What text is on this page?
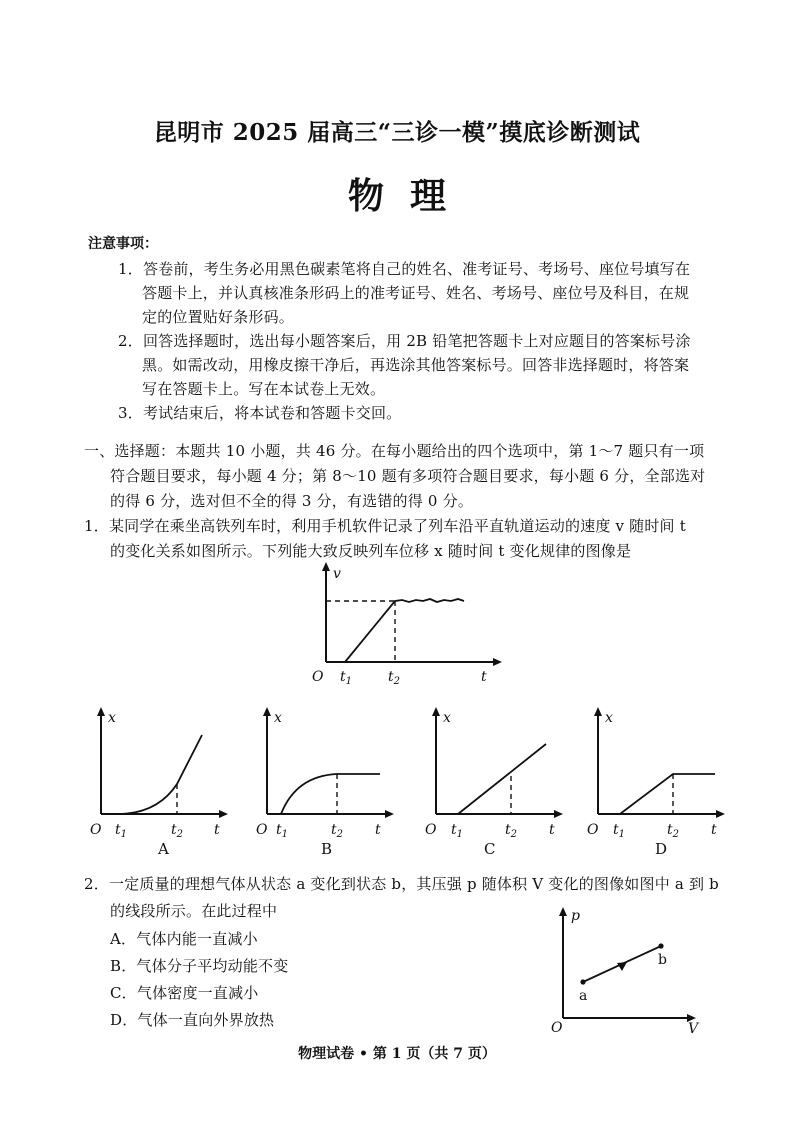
昆明市 2025 届高三“三诊一模”摸底诊断测试
物理
注意事项：
1．答卷前，考生务必用黑色碳素笔将自己的姓名、准考证号、考场号、座位号填写在
答题卡上，并认真核准条形码上的准考证号、姓名、考场号、座位号及科目，在规
定的位置贴好条形码。
2．回答选择题时，选出每小题答案后，用 2B 铅笔把答题卡上对应题目的答案标号涂
黑。如需改动，用橡皮擦干净后，再选涂其他答案标号。回答非选择题时，将答案
写在答题卡上。写在本试卷上无效。
3．考试结束后，将本试卷和答题卡交回。
一、选择题：本题共 10 小题，共 46 分。在每小题给出的四个选项中，第 1～7 题只有一项
符合题目要求，每小题 4 分；第 8～10 题有多项符合题目要求，每小题 6 分，全部选对
的得 6 分，选对但不全的得 3 分，有选错的得 0 分。
1．某同学在乘坐高铁列车时，利用手机软件记录了列车沿平直轨道运动的速度 v 随时间 t
的变化关系如图所示。下列能大致反映列车位移 x 随时间 t 变化规律的图像是
v
O $t_1$	$t_2$	t
x
O $t_1$	$t_2$ t
A
x
O $t_1$	$t_2$ t
B
x
O $t_1$	$t_2$ t
C
x
O $t_1$	$t_2$ t
D
2．一定质量的理想气体从状态 a 变化到状态 b，其压强 p 随体积 V 变化的图像如图中 a 到 b
的线段所示。在此过程中
A．气体内能一直减小
B．气体分子平均动能不变
C．气体密度一直减小
D．气体一直向外界放热
p
O	V
a
b
物理试卷 • 第 1 页（共 7 页）
